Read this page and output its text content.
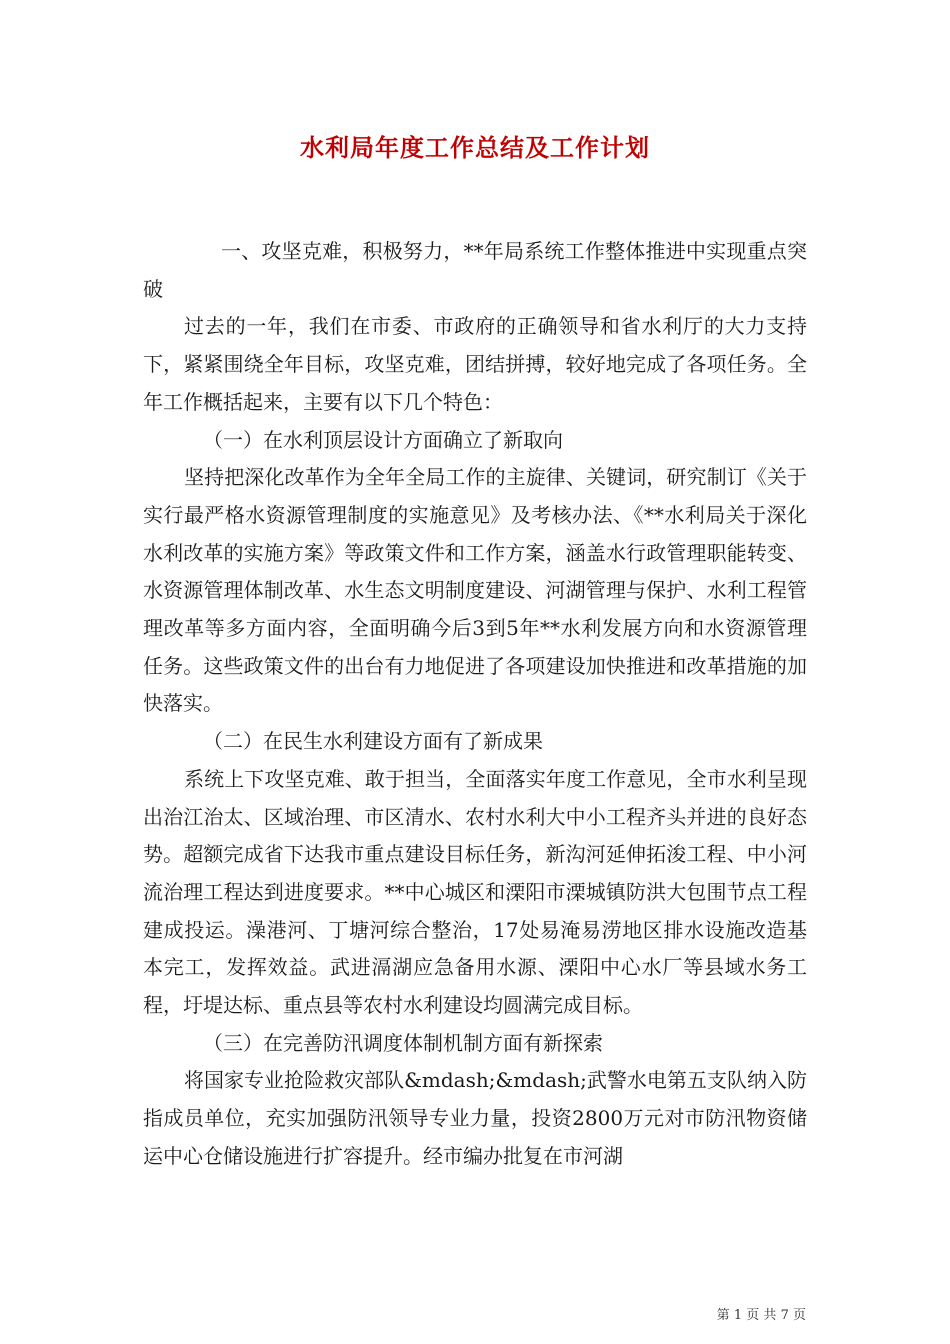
水利局年度工作总结及工作计划

一、攻坚克难，积极努力，**年局系统工作整体推进中实现重点突破

过去的一年，我们在市委、市政府的正确领导和省水利厅的大力支持下，紧紧围绕全年目标，攻坚克难，团结拼搏，较好地完成了各项任务。全年工作概括起来，主要有以下几个特色：

（一）在水利顶层设计方面确立了新取向

坚持把深化改革作为全年全局工作的主旋律、关键词，研究制订《关于实行最严格水资源管理制度的实施意见》及考核办法、《**水利局关于深化水利改革的实施方案》等政策文件和工作方案，涵盖水行政管理职能转变、水资源管理体制改革、水生态文明制度建设、河湖管理与保护、水利工程管理改革等多方面内容，全面明确今后3到5年**水利发展方向和水资源管理任务。这些政策文件的出台有力地促进了各项建设加快推进和改革措施的加快落实。

（二）在民生水利建设方面有了新成果

系统上下攻坚克难、敢于担当，全面落实年度工作意见，全市水利呈现出治江治太、区域治理、市区清水、农村水利大中小工程齐头并进的良好态势。超额完成省下达我市重点建设目标任务，新沟河延伸拓浚工程、中小河流治理工程达到进度要求。**中心城区和溧阳市溧城镇防洪大包围节点工程建成投运。澡港河、丁塘河综合整治，17处易淹易涝地区排水设施改造基本完工，发挥效益。武进滆湖应急备用水源、溧阳中心水厂等县域水务工程，圩堤达标、重点县等农村水利建设均圆满完成目标。

（三）在完善防汛调度体制机制方面有新探索

将国家专业抢险救灾部队&mdash;&mdash;武警水电第五支队纳入防指成员单位，充实加强防汛领导专业力量，投资2800万元对市防汛物资储运中心仓储设施进行扩容提升。经市编办批复在市河湖

第 1 页 共 7 页
